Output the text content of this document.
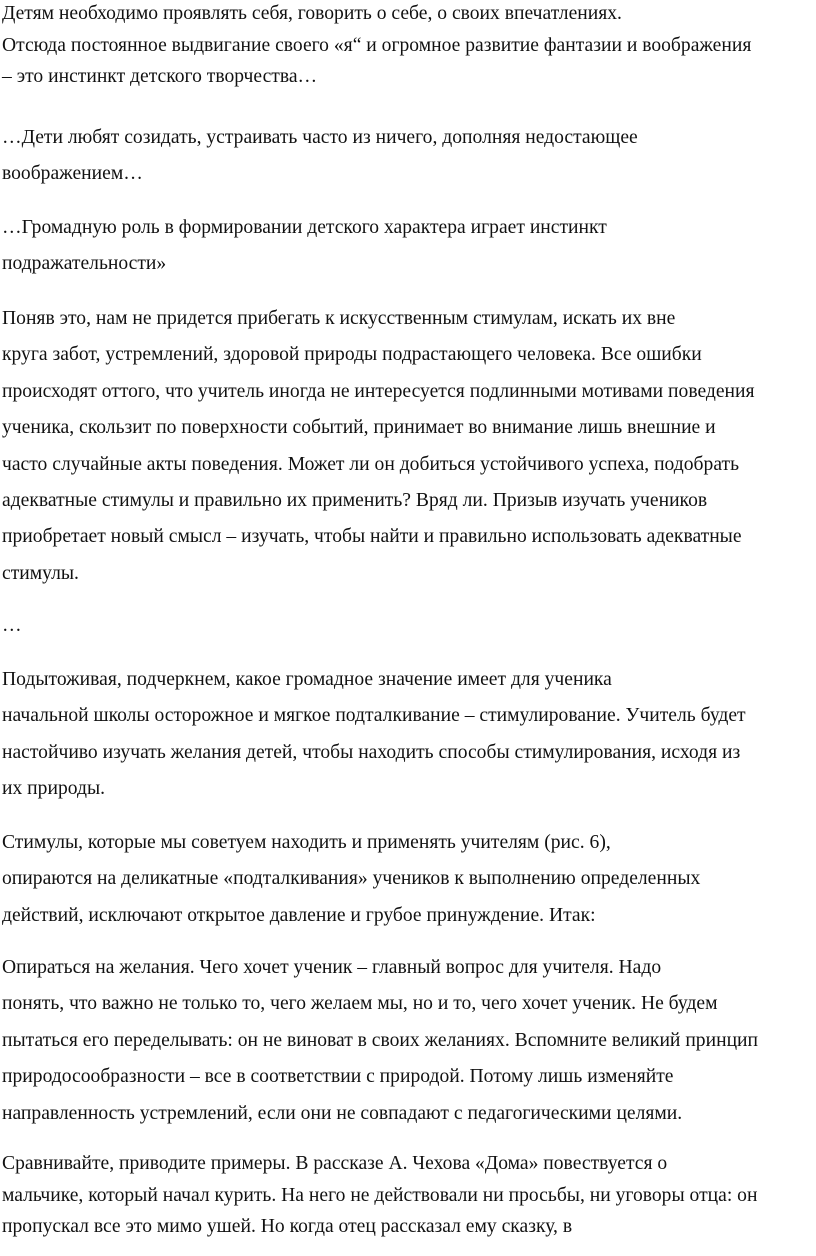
Детям необходимо проявлять себя, говорить о себе, о своих впечатлениях.
Отсюда постоянное выдвигание своего «я“ и огромное развитие фантазии и воображения
– это инстинкт детского творчества…

…Дети любят созидать, устраивать часто из ничего, дополняя недостающее
воображением…

…Громадную роль в формировании детского характера играет инстинкт
подражательности»

Поняв это, нам не придется прибегать к искусственным стимулам, искать их вне
круга забот, устремлений, здоровой природы подрастающего человека. Все ошибки
происходят оттого, что учитель иногда не интересуется подлинными мотивами поведения
ученика, скользит по поверхности событий, принимает во внимание лишь внешние и
часто случайные акты поведения. Может ли он добиться устойчивого успеха, подобрать
адекватные стимулы и правильно их применить? Вряд ли. Призыв изучать учеников
приобретает новый смысл – изучать, чтобы найти и правильно использовать адекватные
стимулы.

…

Подытоживая, подчеркнем, какое громадное значение имеет для ученика
начальной школы осторожное и мягкое подталкивание – стимулирование. Учитель будет
настойчиво изучать желания детей, чтобы находить способы стимулирования, исходя из
их природы.

Стимулы, которые мы советуем находить и применять учителям (рис. 6),
опираются на деликатные «подталкивания» учеников к выполнению определенных
действий, исключают открытое давление и грубое принуждение. Итак:

Опираться на желания. Чего хочет ученик – главный вопрос для учителя. Надо
понять, что важно не только то, чего желаем мы, но и то, чего хочет ученик. Не будем
пытаться его переделывать: он не виноват в своих желаниях. Вспомните великий принцип
природосообразности – все в соответствии с природой. Потому лишь изменяйте
направленность устремлений, если они не совпадают с педагогическими целями.

Сравнивайте, приводите примеры. В рассказе А. Чехова «Дома» повествуется о
мальчике, который начал курить. На него не действовали ни просьбы, ни уговоры отца: он
пропускал все это мимо ушей. Но когда отец рассказал ему сказку, в
